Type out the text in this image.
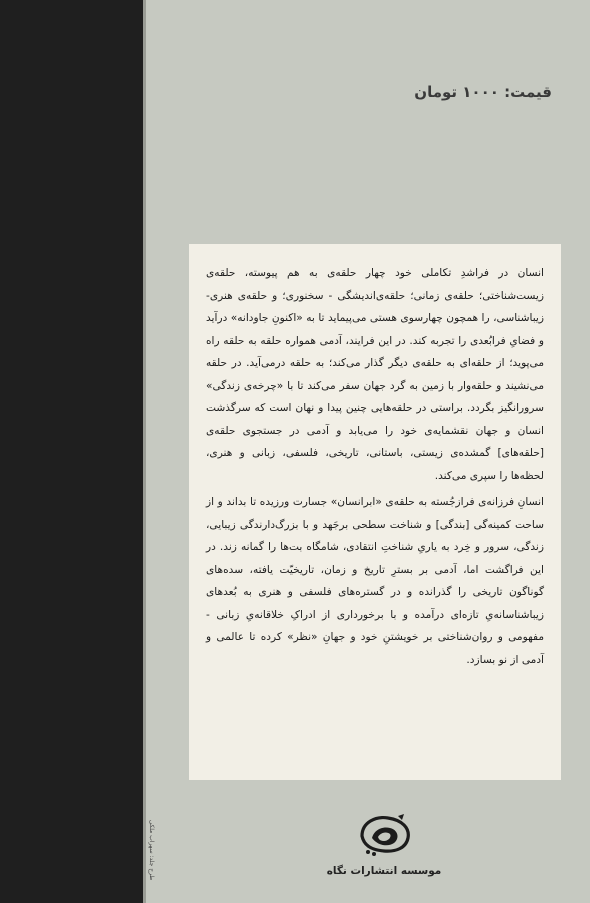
طرح جلد: سهراب ملکی
قیمت: ۱۰۰۰ تومان

انسان در فراشدِ تکاملی خود چهار حلقه‌ی به هم پیوسته، حلقه‌ی زیست‌شناختی؛ حلقه‌ی زمانی؛ حلقه‌ی‌اندیشگی - سخنوری؛ و حلقه‌ی هنری- زیباشناسی، را همچون چهارسوی هستی می‌پیماید تا به «اکنونِ جاودانه» درآید و فضایِ فرابُعدی را تجربه کند. در این فرایند، آدمی همواره حلقه به حلقه راه می‌پوید؛ از حلقه‌ای به حلقه‌ی دیگر گذار می‌کند؛ به حلقه درمی‌آید. در حلقه می‌نشیند و حلقه‌وار با زمین به گرد جهان سفر می‌کند تا با «چرخه‌ی زندگی» سرورانگیز بگردد. براستی در حلقه‌هایی چنین پیدا و نهان است که سرگذشت انسان و جهان نقشمایه‌ی خود را می‌یابد و آدمی در جستجوی حلقه‌ی [حلقه‌های] گمشده‌ی زیستی، باستانی، تاریخی، فلسفی، زبانی و هنری، لحظه‌ها را سپری می‌کند.

انسانِ فرزانه‌ی فرازجُسته به حلقه‌ی «ابرانسان» جسارت ورزیده تا بداند و از ساحت کمینه‌گی [بندگی] و شناخت سطحی برجَهد و با بزرگ‌دارندگی زیبایی، زندگی، سرور و خِرد به یاریِ شناختِ انتقادی، شامگاه بت‌ها را گمانه زند. در این فراگشت اما، آدمی بر بسترِ تاریخ و زمان، تاریخیّت یافته، سده‌های گوناگون تاریخی را گذرانده و در گستره‌های فلسفی و هنری به بُعدهای زیباشناسانه‌یِ تازه‌ای درآمده و با برخورداری از ادراکِ خلاقانه‌یِ زبانی - مفهومی و روان‌شناختی بر خویشتنِ خود و جهانِ «نظر» کرده تا عالمی و آدمی از نو بسازد.

موسسه انتشارات نگاه
